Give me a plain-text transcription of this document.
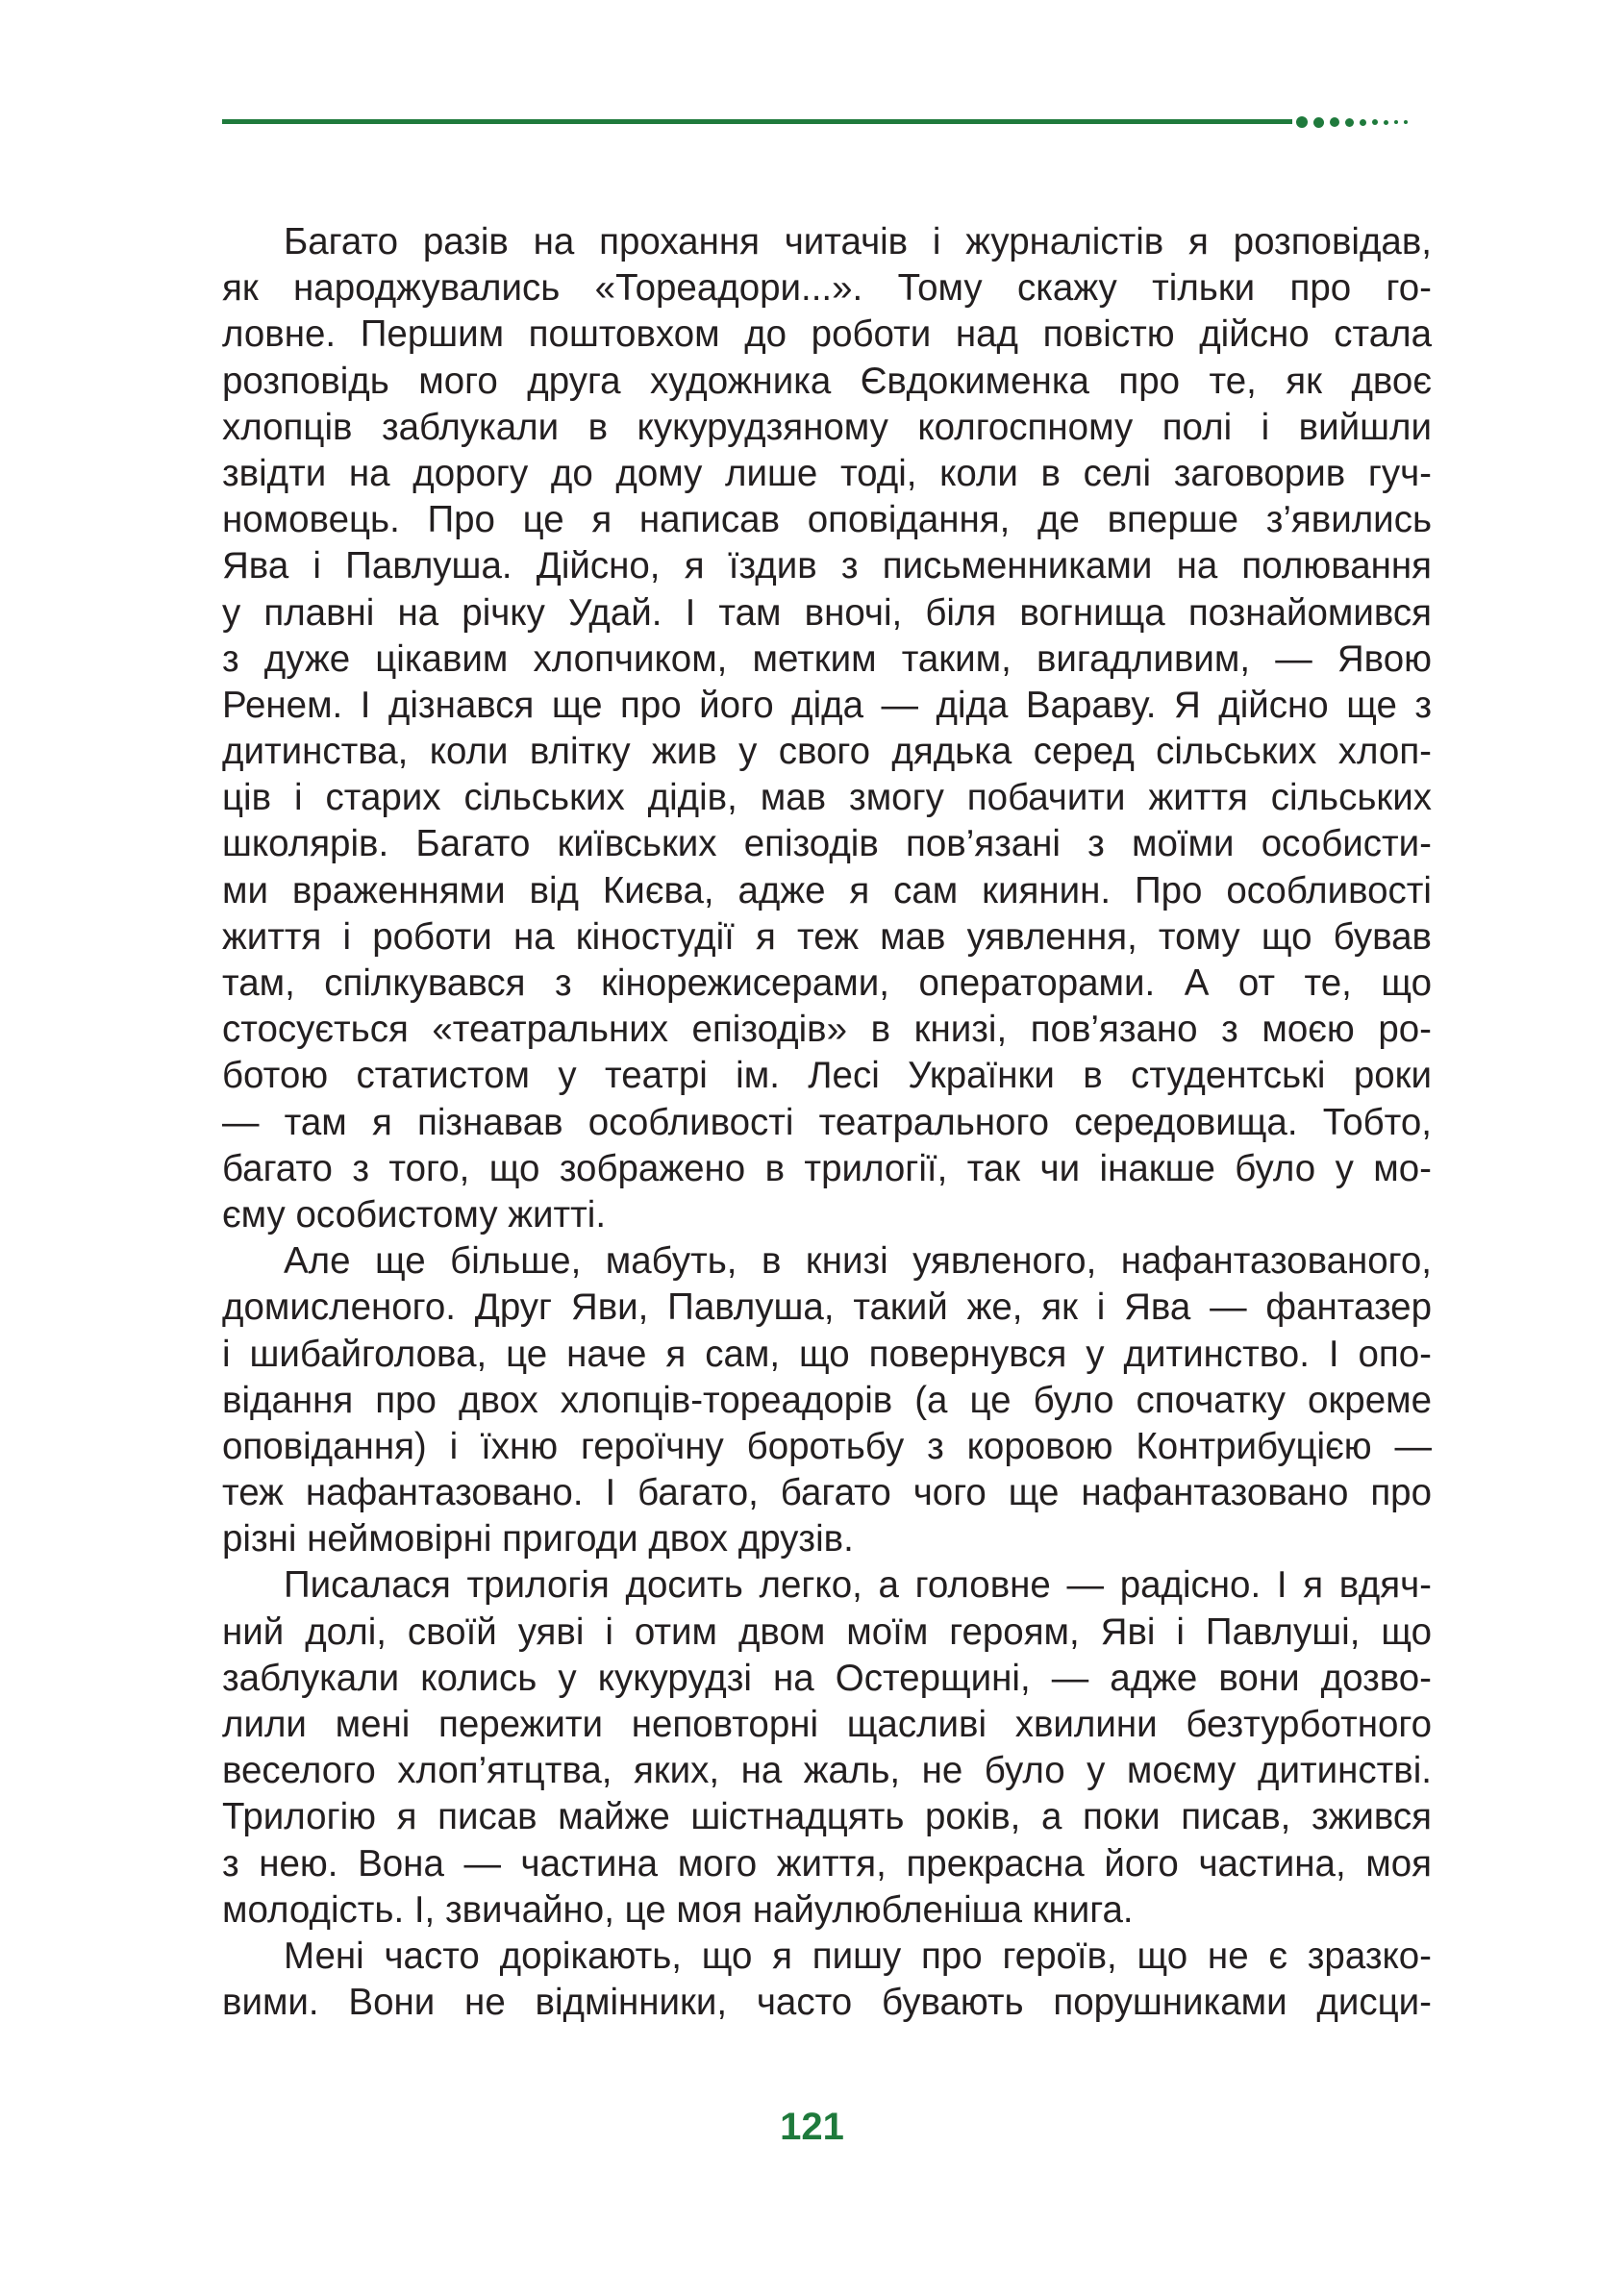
Багато разів на прохання читачів і журналістів я розповідав,
як народжувались «Тореадори...». Тому скажу тільки про го-
ловне. Першим поштовхом до роботи над повістю дійсно стала
розповідь мого друга художника Євдокименка про те, як двоє
хлопців заблукали в кукурудзяному колгоспному полі і вийшли
звідти на дорогу до дому лише тоді, коли в селі заговорив гуч-
номовець. Про це я написав оповідання, де вперше з’явились
Ява і Павлуша. Дійсно, я їздив з письменниками на полювання
у плавні на річку Удай. І там вночі, біля вогнища познайомився
з дуже цікавим хлопчиком, метким таким, вигадливим, — Явою
Ренем. І дізнався ще про його діда — діда Вараву. Я дійсно ще з
дитинства, коли влітку жив у свого дядька серед сільських хлоп-
ців і старих сільських дідів, мав змогу побачити життя сільських
школярів. Багато київських епізодів пов’язані з моїми особисти-
ми враженнями від Києва, адже я сам киянин. Про особливості
життя і роботи на кіностудії я теж мав уявлення, тому що бував
там, спілкувався з кінорежисерами, операторами. А от те, що
стосується «театральних епізодів» в книзі, пов’язано з моєю ро-
ботою статистом у театрі ім. Лесі Українки в студентські роки
— там я пізнавав особливості театрального середовища. Тобто,
багато з того, що зображено в трилогії, так чи інакше було у мо-
єму особистому житті.
Але ще більше, мабуть, в книзі уявленого, нафантазованого,
домисленого. Друг Яви, Павлуша, такий же, як і Ява — фантазер
і шибайголова, це наче я сам, що повернувся у дитинство. І опо-
відання про двох хлопців-тореадорів (а це було спочатку окреме
оповідання) і їхню героїчну боротьбу з коровою Контрибуцією —
теж нафантазовано. І багато, багато чого ще нафантазовано про
різні неймовірні пригоди двох друзів.
Писалася трилогія досить легко, а головне — радісно. І я вдяч-
ний долі, своїй уяві і отим двом моїм героям, Яві і Павлуші, що
заблукали колись у кукурудзі на Остерщині, — адже вони дозво-
лили мені пережити неповторні щасливі хвилини безтурботного
веселого хлоп’ятцтва, яких, на жаль, не було у моєму дитинстві.
Трилогію я писав майже шістнадцять років, а поки писав, зжився
з нею. Вона — частина мого життя, прекрасна його частина, моя
молодість. І, звичайно, це моя найулюбленіша книга.
Мені часто дорікають, що я пишу про героїв, що не є зразко-
вими. Вони не відмінники, часто бувають порушниками дисци-
121
